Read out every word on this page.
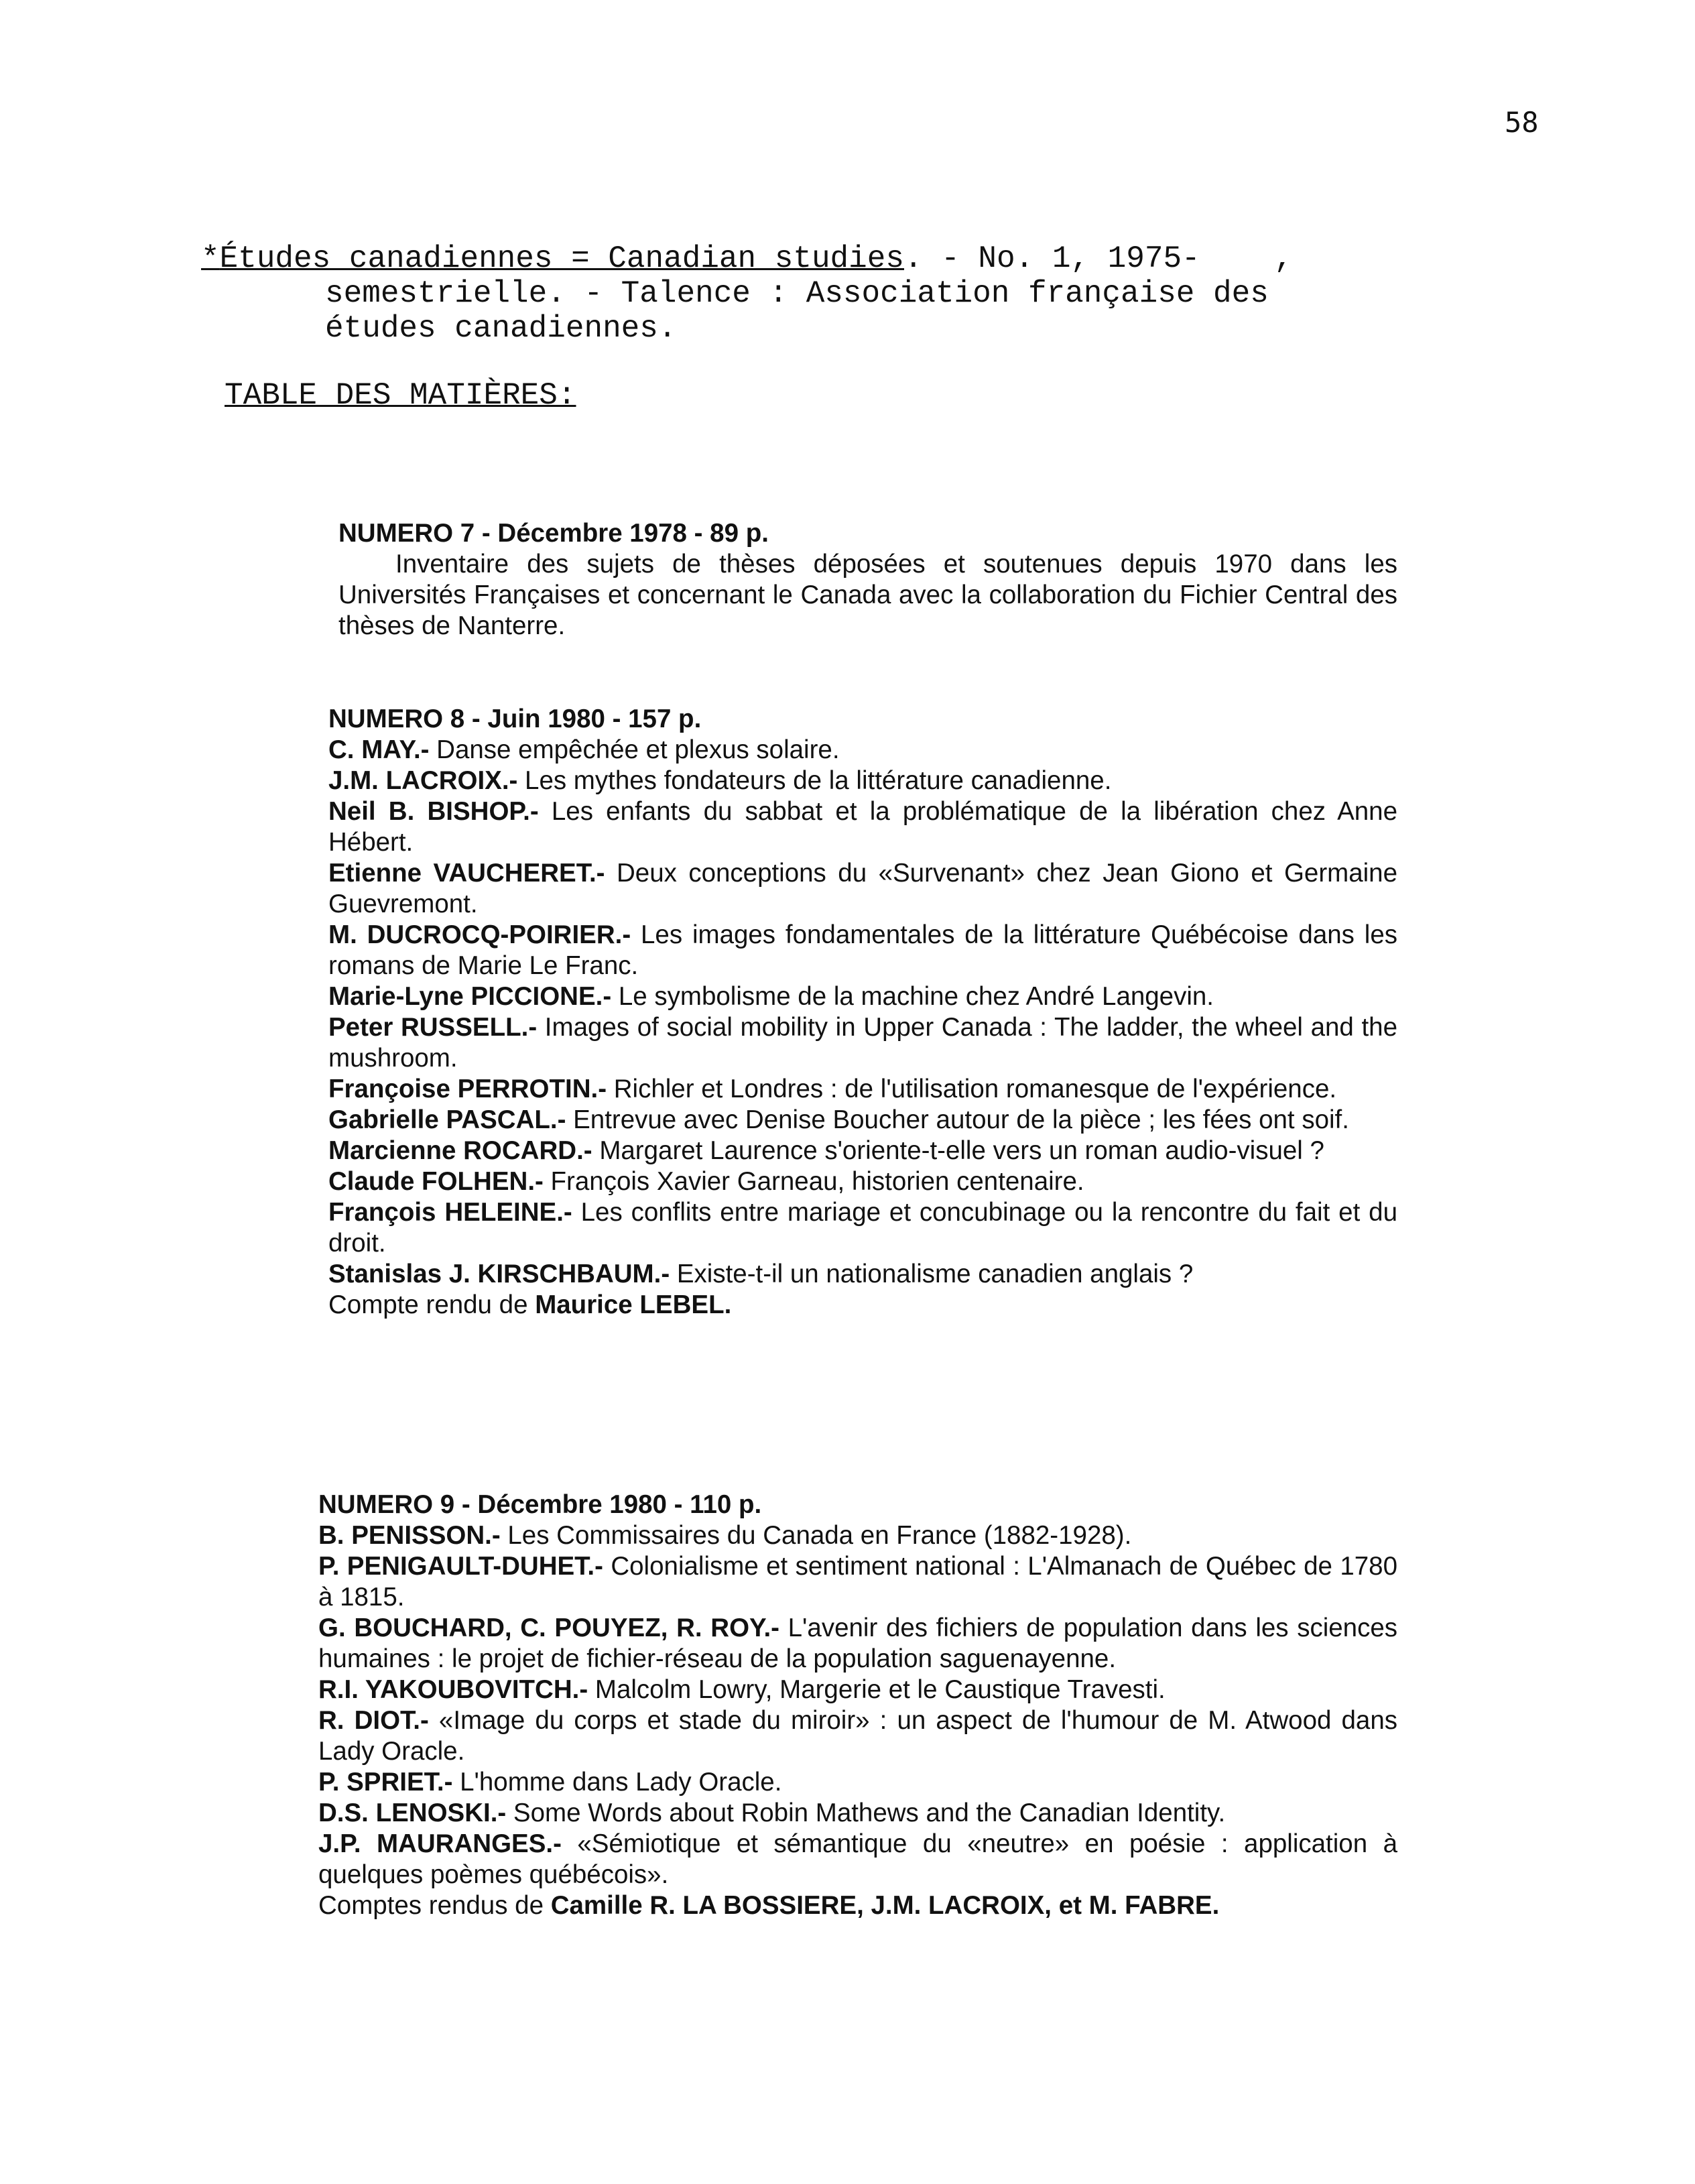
58
*Études canadiennes = Canadian studies. - No. 1, 1975-    ,
semestrielle. - Talence : Association française des
études canadiennes.
TABLE DES MATIÈRES:
NUMERO 7 - Décembre 1978 - 89 p.

Inventaire des sujets de thèses déposées et soutenues depuis 1970 dans les Universités Françaises et concernant le Canada avec la collaboration du Fichier Central des thèses de Nanterre.

NUMERO 8 - Juin 1980 - 157 p.

C. MAY.- Danse empêchée et plexus solaire.

J.M. LACROIX.- Les mythes fondateurs de la littérature canadienne.

Neil B. BISHOP.- Les enfants du sabbat et la problématique de la libération chez Anne Hébert.

Etienne VAUCHERET.- Deux conceptions du «Survenant» chez Jean Giono et Germaine Guevremont.

M. DUCROCQ-POIRIER.- Les images fondamentales de la littérature Québécoise dans les romans de Marie Le Franc.

Marie-Lyne PICCIONE.- Le symbolisme de la machine chez André Langevin.

Peter RUSSELL.- Images of social mobility in Upper Canada : The ladder, the wheel and the mushroom.

Françoise PERROTIN.- Richler et Londres : de l'utilisation romanesque de l'expérience.

Gabrielle PASCAL.- Entrevue avec Denise Boucher autour de la pièce ; les fées ont soif.

Marcienne ROCARD.- Margaret Laurence s'oriente-t-elle vers un roman audio-visuel ?

Claude FOLHEN.- François Xavier Garneau, historien centenaire.

François HELEINE.- Les conflits entre mariage et concubinage ou la rencontre du fait et du droit.

Stanislas J. KIRSCHBAUM.- Existe-t-il un nationalisme canadien anglais ?

Compte rendu de Maurice LEBEL.

NUMERO 9 - Décembre 1980 - 110 p.

B. PENISSON.- Les Commissaires du Canada en France (1882-1928).

P. PENIGAULT-DUHET.- Colonialisme et sentiment national : L'Almanach de Québec de 1780 à 1815.

G. BOUCHARD, C. POUYEZ, R. ROY.- L'avenir des fichiers de population dans les sciences humaines : le projet de fichier-réseau de la population saguenayenne.

R.I. YAKOUBOVITCH.- Malcolm Lowry, Margerie et le Caustique Travesti.

R. DIOT.- «Image du corps et stade du miroir» : un aspect de l'humour de M. Atwood dans Lady Oracle.

P. SPRIET.- L'homme dans Lady Oracle.

D.S. LENOSKI.- Some Words about Robin Mathews and the Canadian Identity.

J.P. MAURANGES.- «Sémiotique et sémantique du «neutre» en poésie : application à quelques poèmes québécois».

Comptes rendus de Camille R. LA BOSSIERE, J.M. LACROIX, et M. FABRE.
